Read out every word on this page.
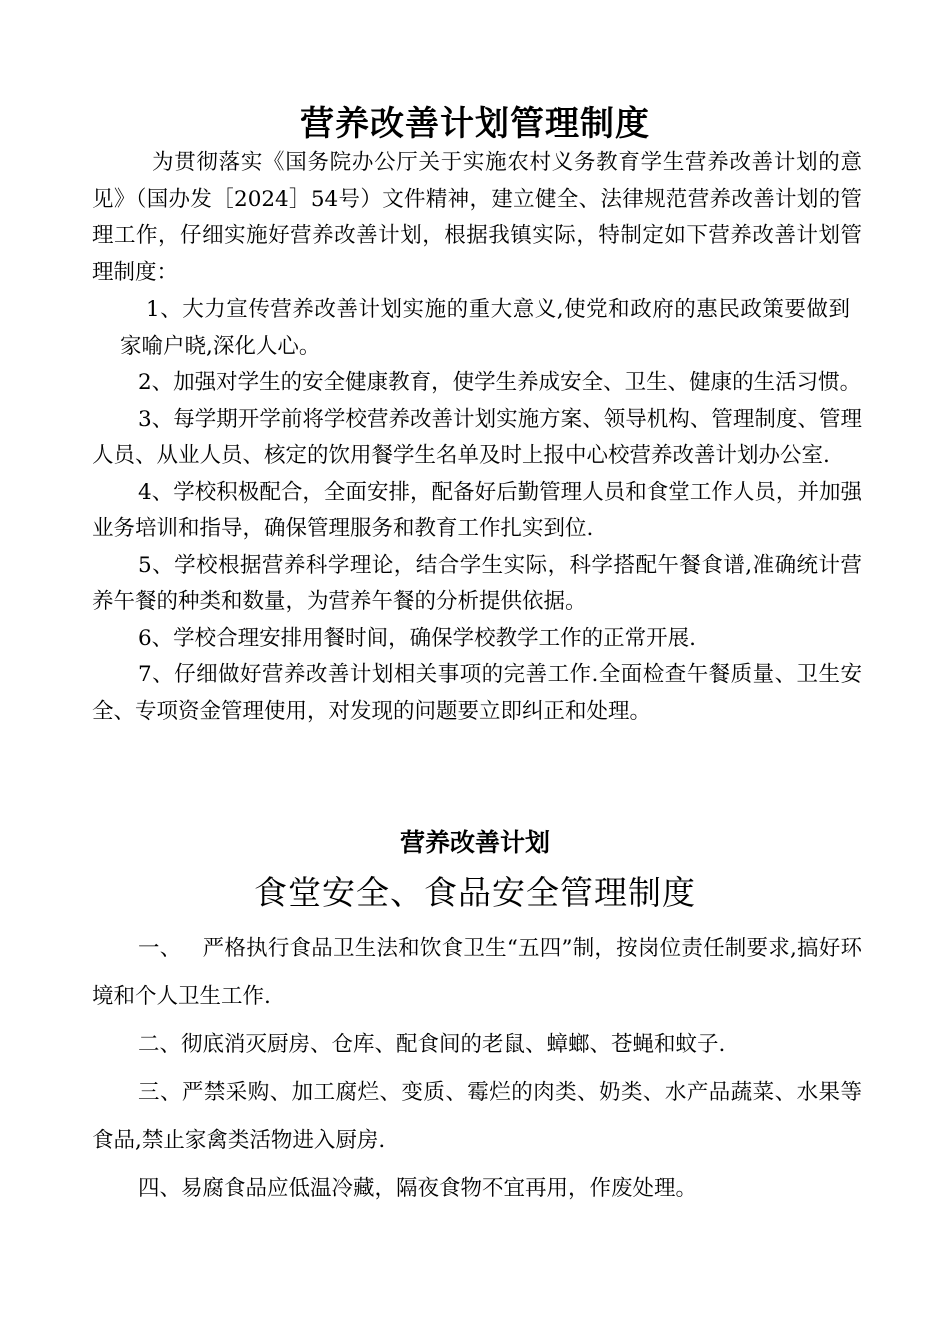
营养改善计划管理制度
为贯彻落实《国务院办公厅关于实施农村义务教育学生营养改善计划的意见》（国办发［2024］54号）文件精神，建立健全、法律规范营养改善计划的管理工作，仔细实施好营养改善计划，根据我镇实际，特制定如下营养改善计划管理制度：
1、大力宣传营养改善计划实施的重大意义,使党和政府的惠民政策要做到家喻户晓,深化人心。

2、加强对学生的安全健康教育，使学生养成安全、卫生、健康的生活习惯。

3、每学期开学前将学校营养改善计划实施方案、领导机构、管理制度、管理人员、从业人员、核定的饮用餐学生名单及时上报中心校营养改善计划办公室.

4、学校积极配合，全面安排，配备好后勤管理人员和食堂工作人员，并加强业务培训和指导，确保管理服务和教育工作扎实到位.

5、学校根据营养科学理论，结合学生实际，科学搭配午餐食谱,准确统计营养午餐的种类和数量，为营养午餐的分析提供依据。

6、学校合理安排用餐时间，确保学校教学工作的正常开展.

7、仔细做好营养改善计划相关事项的完善工作.全面检查午餐质量、卫生安全、专项资金管理使用，对发现的问题要立即纠正和处理。

营养改善计划
食堂安全、食品安全管理制度

一、   严格执行食品卫生法和饮食卫生“五四”制，按岗位责任制要求,搞好环境和个人卫生工作.

二、彻底消灭厨房、仓库、配食间的老鼠、蟑螂、苍蝇和蚊子.

三、严禁采购、加工腐烂、变质、霉烂的肉类、奶类、水产品蔬菜、水果等食品,禁止家禽类活物进入厨房.

四、易腐食品应低温冷藏，隔夜食物不宜再用，作废处理。
